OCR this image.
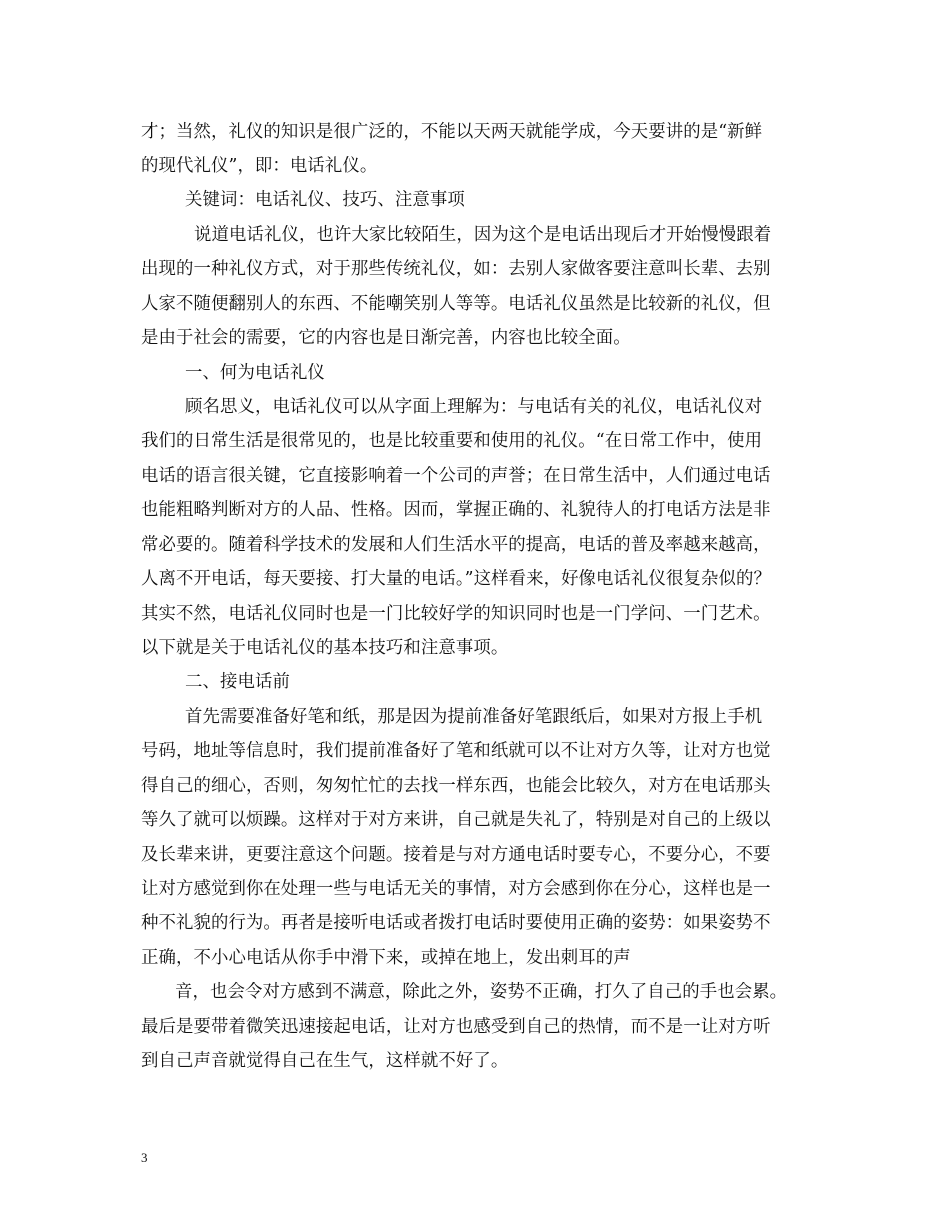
才；当然，礼仪的知识是很广泛的，不能以天两天就能学成，今天要讲的是“新鲜
的现代礼仪”，即：电话礼仪。
关键词：电话礼仪、技巧、注意事项
说道电话礼仪，也许大家比较陌生，因为这个是电话出现后才开始慢慢跟着
出现的一种礼仪方式，对于那些传统礼仪，如：去别人家做客要注意叫长辈、去别
人家不随便翻别人的东西、不能嘲笑别人等等。电话礼仪虽然是比较新的礼仪，但
是由于社会的需要，它的内容也是日渐完善，内容也比较全面。
一、何为电话礼仪
顾名思义，电话礼仪可以从字面上理解为：与电话有关的礼仪，电话礼仪对
我们的日常生活是很常见的，也是比较重要和使用的礼仪。“在日常工作中，使用
电话的语言很关键，它直接影响着一个公司的声誉；在日常生活中，人们通过电话
也能粗略判断对方的人品、性格。因而，掌握正确的、礼貌待人的打电话方法是非
常必要的。随着科学技术的发展和人们生活水平的提高，电话的普及率越来越高，
人离不开电话，每天要接、打大量的电话。”这样看来，好像电话礼仪很复杂似的？
其实不然，电话礼仪同时也是一门比较好学的知识同时也是一门学问、一门艺术。
以下就是关于电话礼仪的基本技巧和注意事项。
二、接电话前
首先需要准备好笔和纸，那是因为提前准备好笔跟纸后，如果对方报上手机
号码，地址等信息时，我们提前准备好了笔和纸就可以不让对方久等，让对方也觉
得自己的细心，否则，匆匆忙忙的去找一样东西，也能会比较久，对方在电话那头
等久了就可以烦躁。这样对于对方来讲，自己就是失礼了，特别是对自己的上级以
及长辈来讲，更要注意这个问题。接着是与对方通电话时要专心，不要分心，不要
让对方感觉到你在处理一些与电话无关的事情，对方会感到你在分心，这样也是一
种不礼貌的行为。再者是接听电话或者拨打电话时要使用正确的姿势：如果姿势不
正确，不小心电话从你手中滑下来，或掉在地上，发出刺耳的声
音，也会令对方感到不满意，除此之外，姿势不正确，打久了自己的手也会累。
最后是要带着微笑迅速接起电话，让对方也感受到自己的热情，而不是一让对方听
到自己声音就觉得自己在生气，这样就不好了。
3
